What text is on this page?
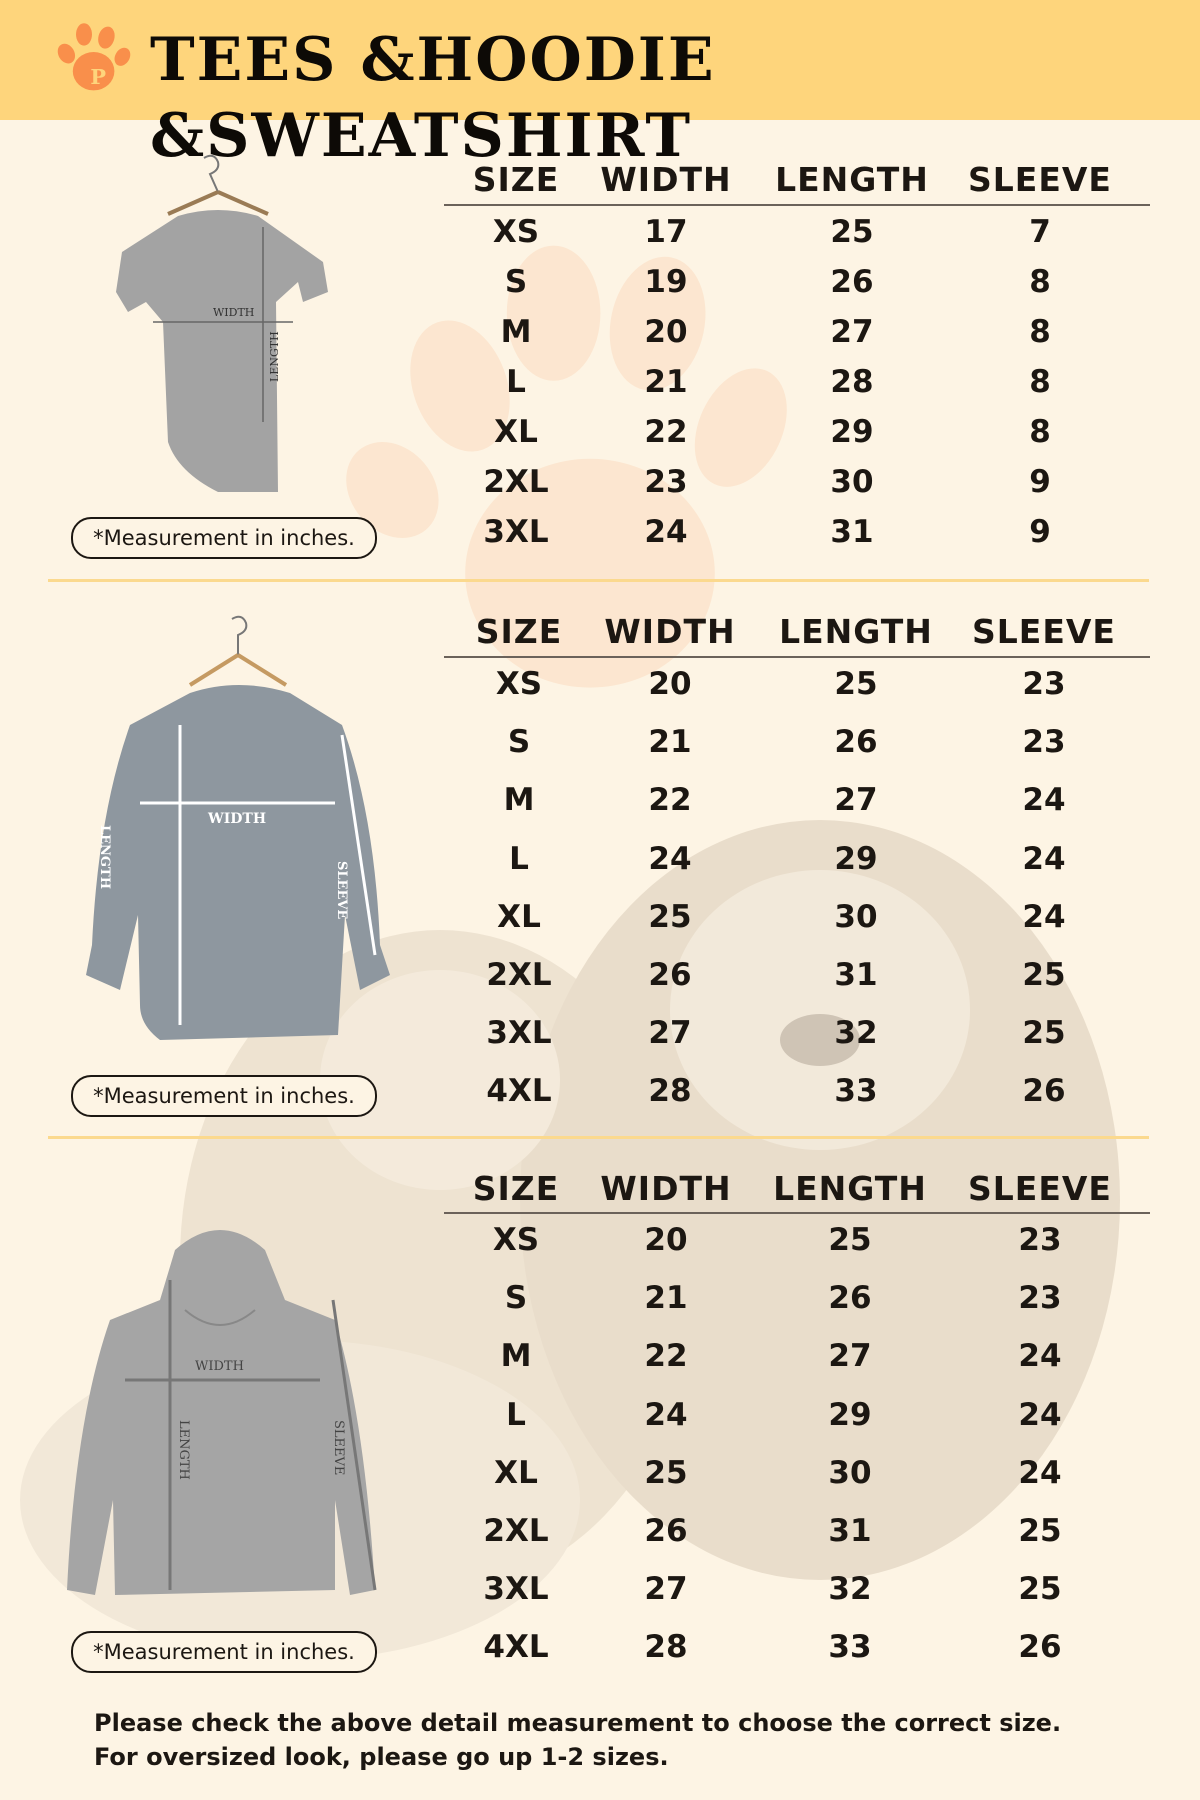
P TEES &HOODIE &SWEATSHIRT
WIDTH
LENGTH
WIDTH
LENGTH
SLEEVE
WIDTH
LENGTH	SLEEVE
SIZE WIDTH LENGTH SLEEVE
XS	17	25	7
S	19	26	8
M	20	27	8
L	21	28	8
XL	22	29	8
2XL	23	30	9
3XL	24	31	9
SIZE WIDTH LENGTH SLEEVE
XS	20	25	23
S	21	26	23
M	22	27	24
L	24	29	24
XL	25	30	24
2XL	26	31	25
3XL	27	32	25
4XL	28	33	26
SIZE WIDTH LENGTH SLEEVE
XS	20	25	23
S	21	26	23
M	22	27	24
L	24	29	24
XL	25	30	24
2XL	26	31	25
3XL	27	32	25
4XL	28	33	26
*Measurement in inches.
*Measurement in inches.
*Measurement in inches.
Please check the above detail measurement to choose the correct size.
For oversized look, please go up 1-2 sizes.
